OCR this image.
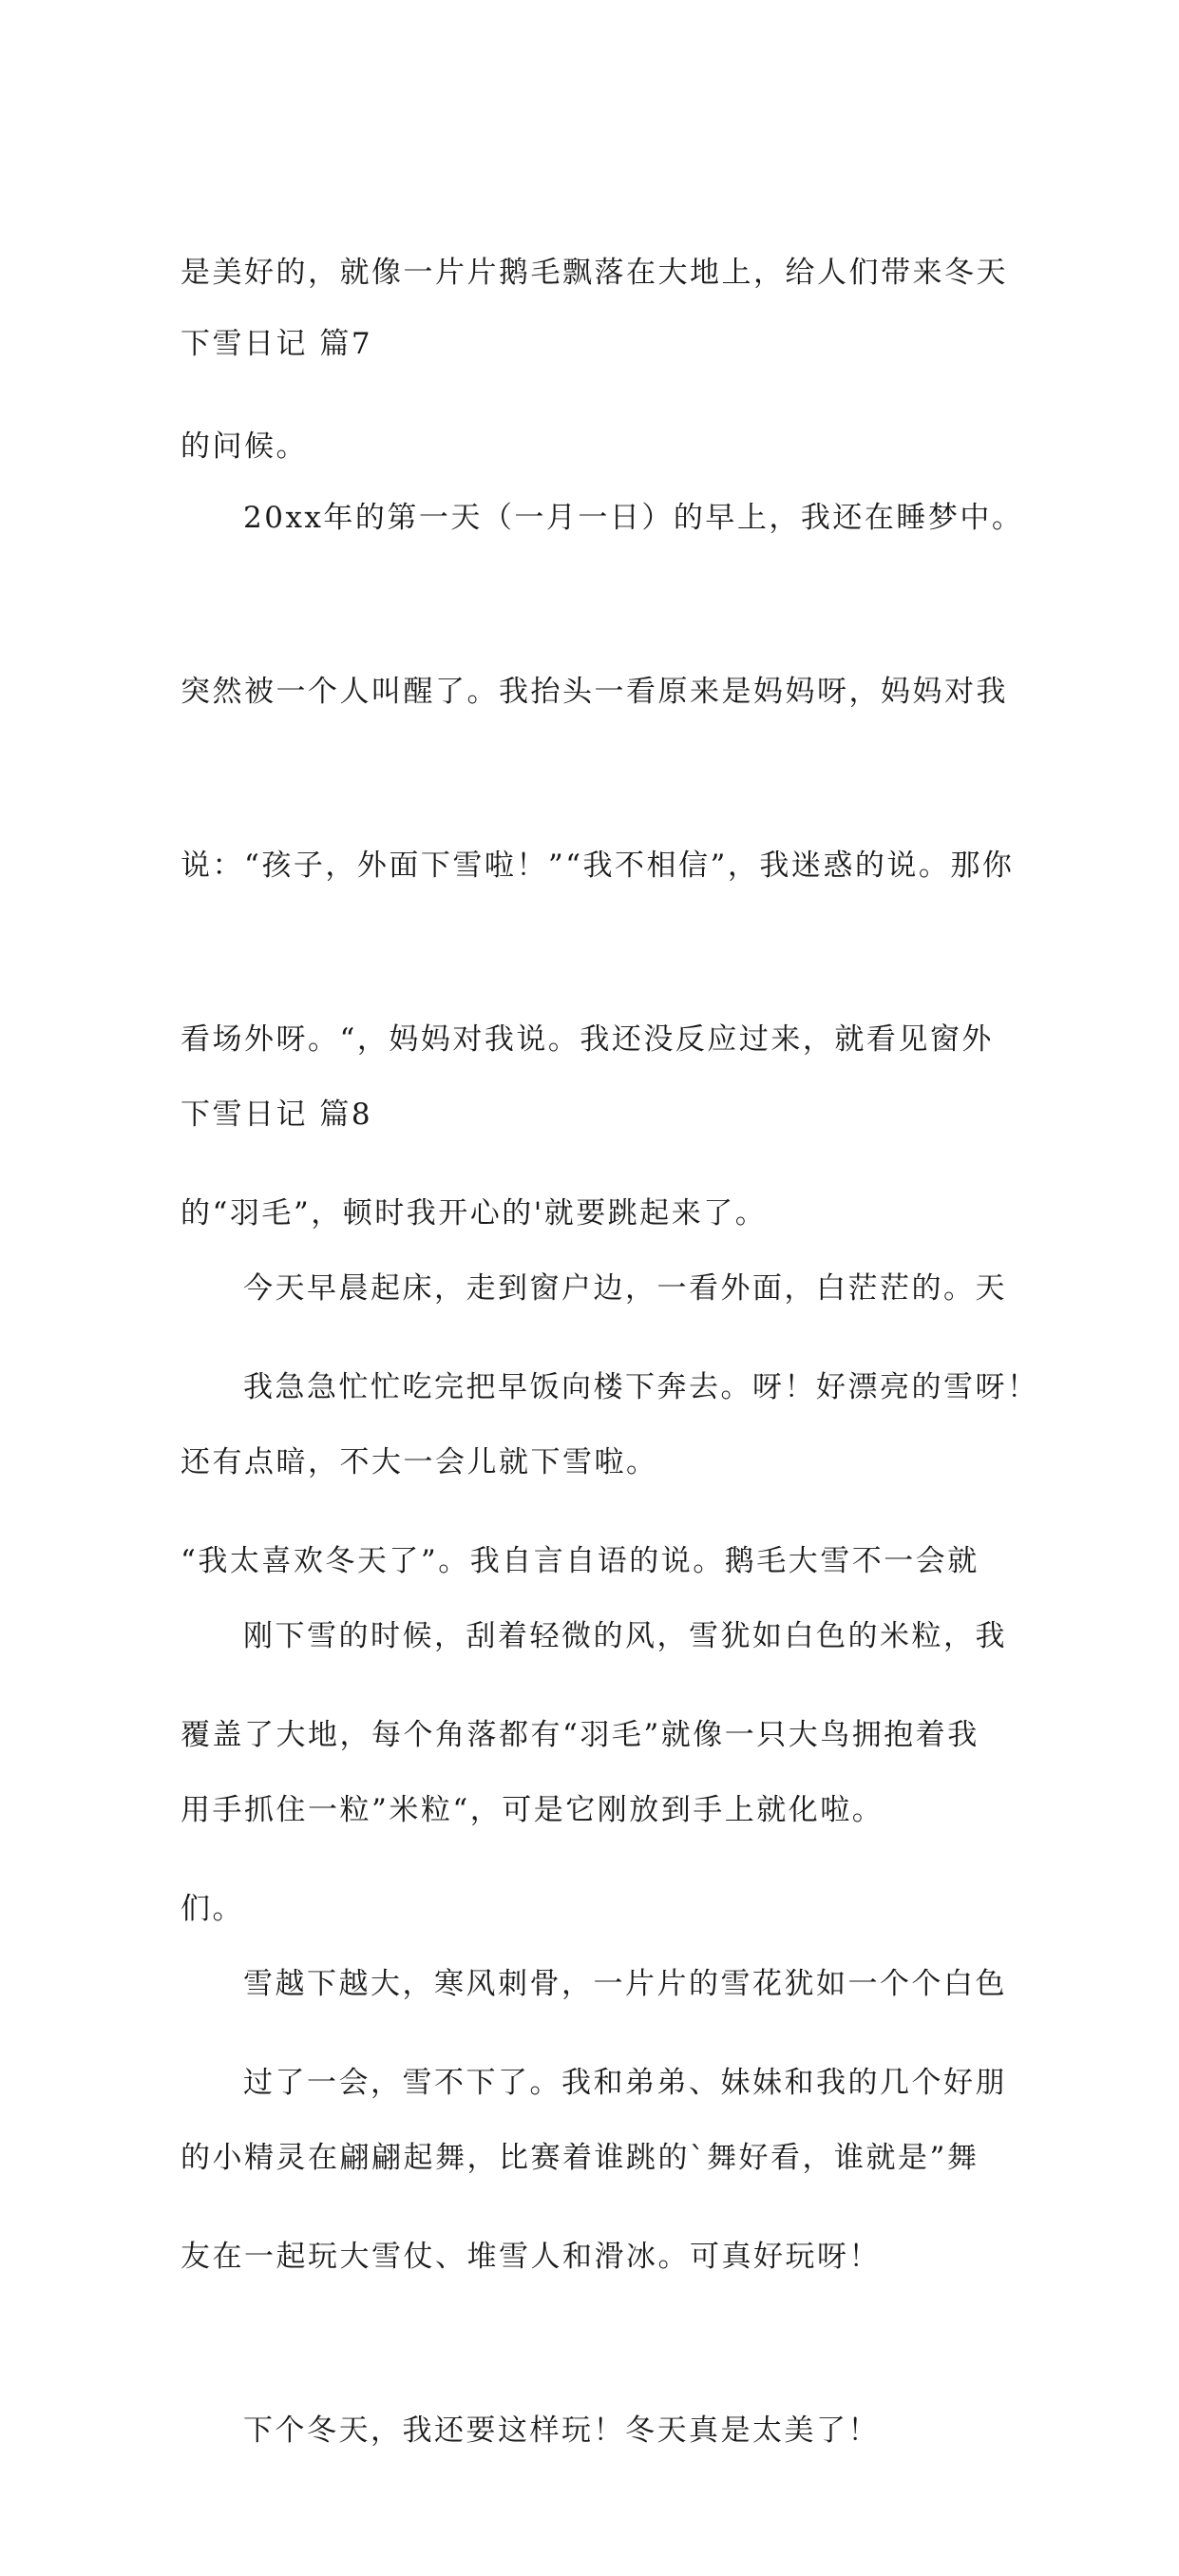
是美好的，就像一片片鹅毛飘落在大地上，给人们带来冬天

的问候。

下雪日记 篇7

20xx年的第一天（一月一日）的早上，我还在睡梦中。

突然被一个人叫醒了。我抬头一看原来是妈妈呀，妈妈对我

说：“孩子，外面下雪啦！”“我不相信”，我迷惑的说。那你

看场外呀。“，妈妈对我说。我还没反应过来，就看见窗外

的“羽毛”，顿时我开心的'就要跳起来了。

我急急忙忙吃完把早饭向楼下奔去。呀！好漂亮的雪呀！

“我太喜欢冬天了”。我自言自语的说。鹅毛大雪不一会就

覆盖了大地，每个角落都有“羽毛”就像一只大鸟拥抱着我

们。

过了一会，雪不下了。我和弟弟、妹妹和我的几个好朋

友在一起玩大雪仗、堆雪人和滑冰。可真好玩呀！

下个冬天，我还要这样玩！冬天真是太美了！

下雪日记 篇8

今天早晨起床，走到窗户边，一看外面，白茫茫的。天

还有点暗，不大一会儿就下雪啦。

刚下雪的时候，刮着轻微的风，雪犹如白色的米粒，我

用手抓住一粒”米粒“，可是它刚放到手上就化啦。

雪越下越大，寒风刺骨，一片片的雪花犹如一个个白色

的小精灵在翩翩起舞，比赛着谁跳的`舞好看，谁就是”舞
